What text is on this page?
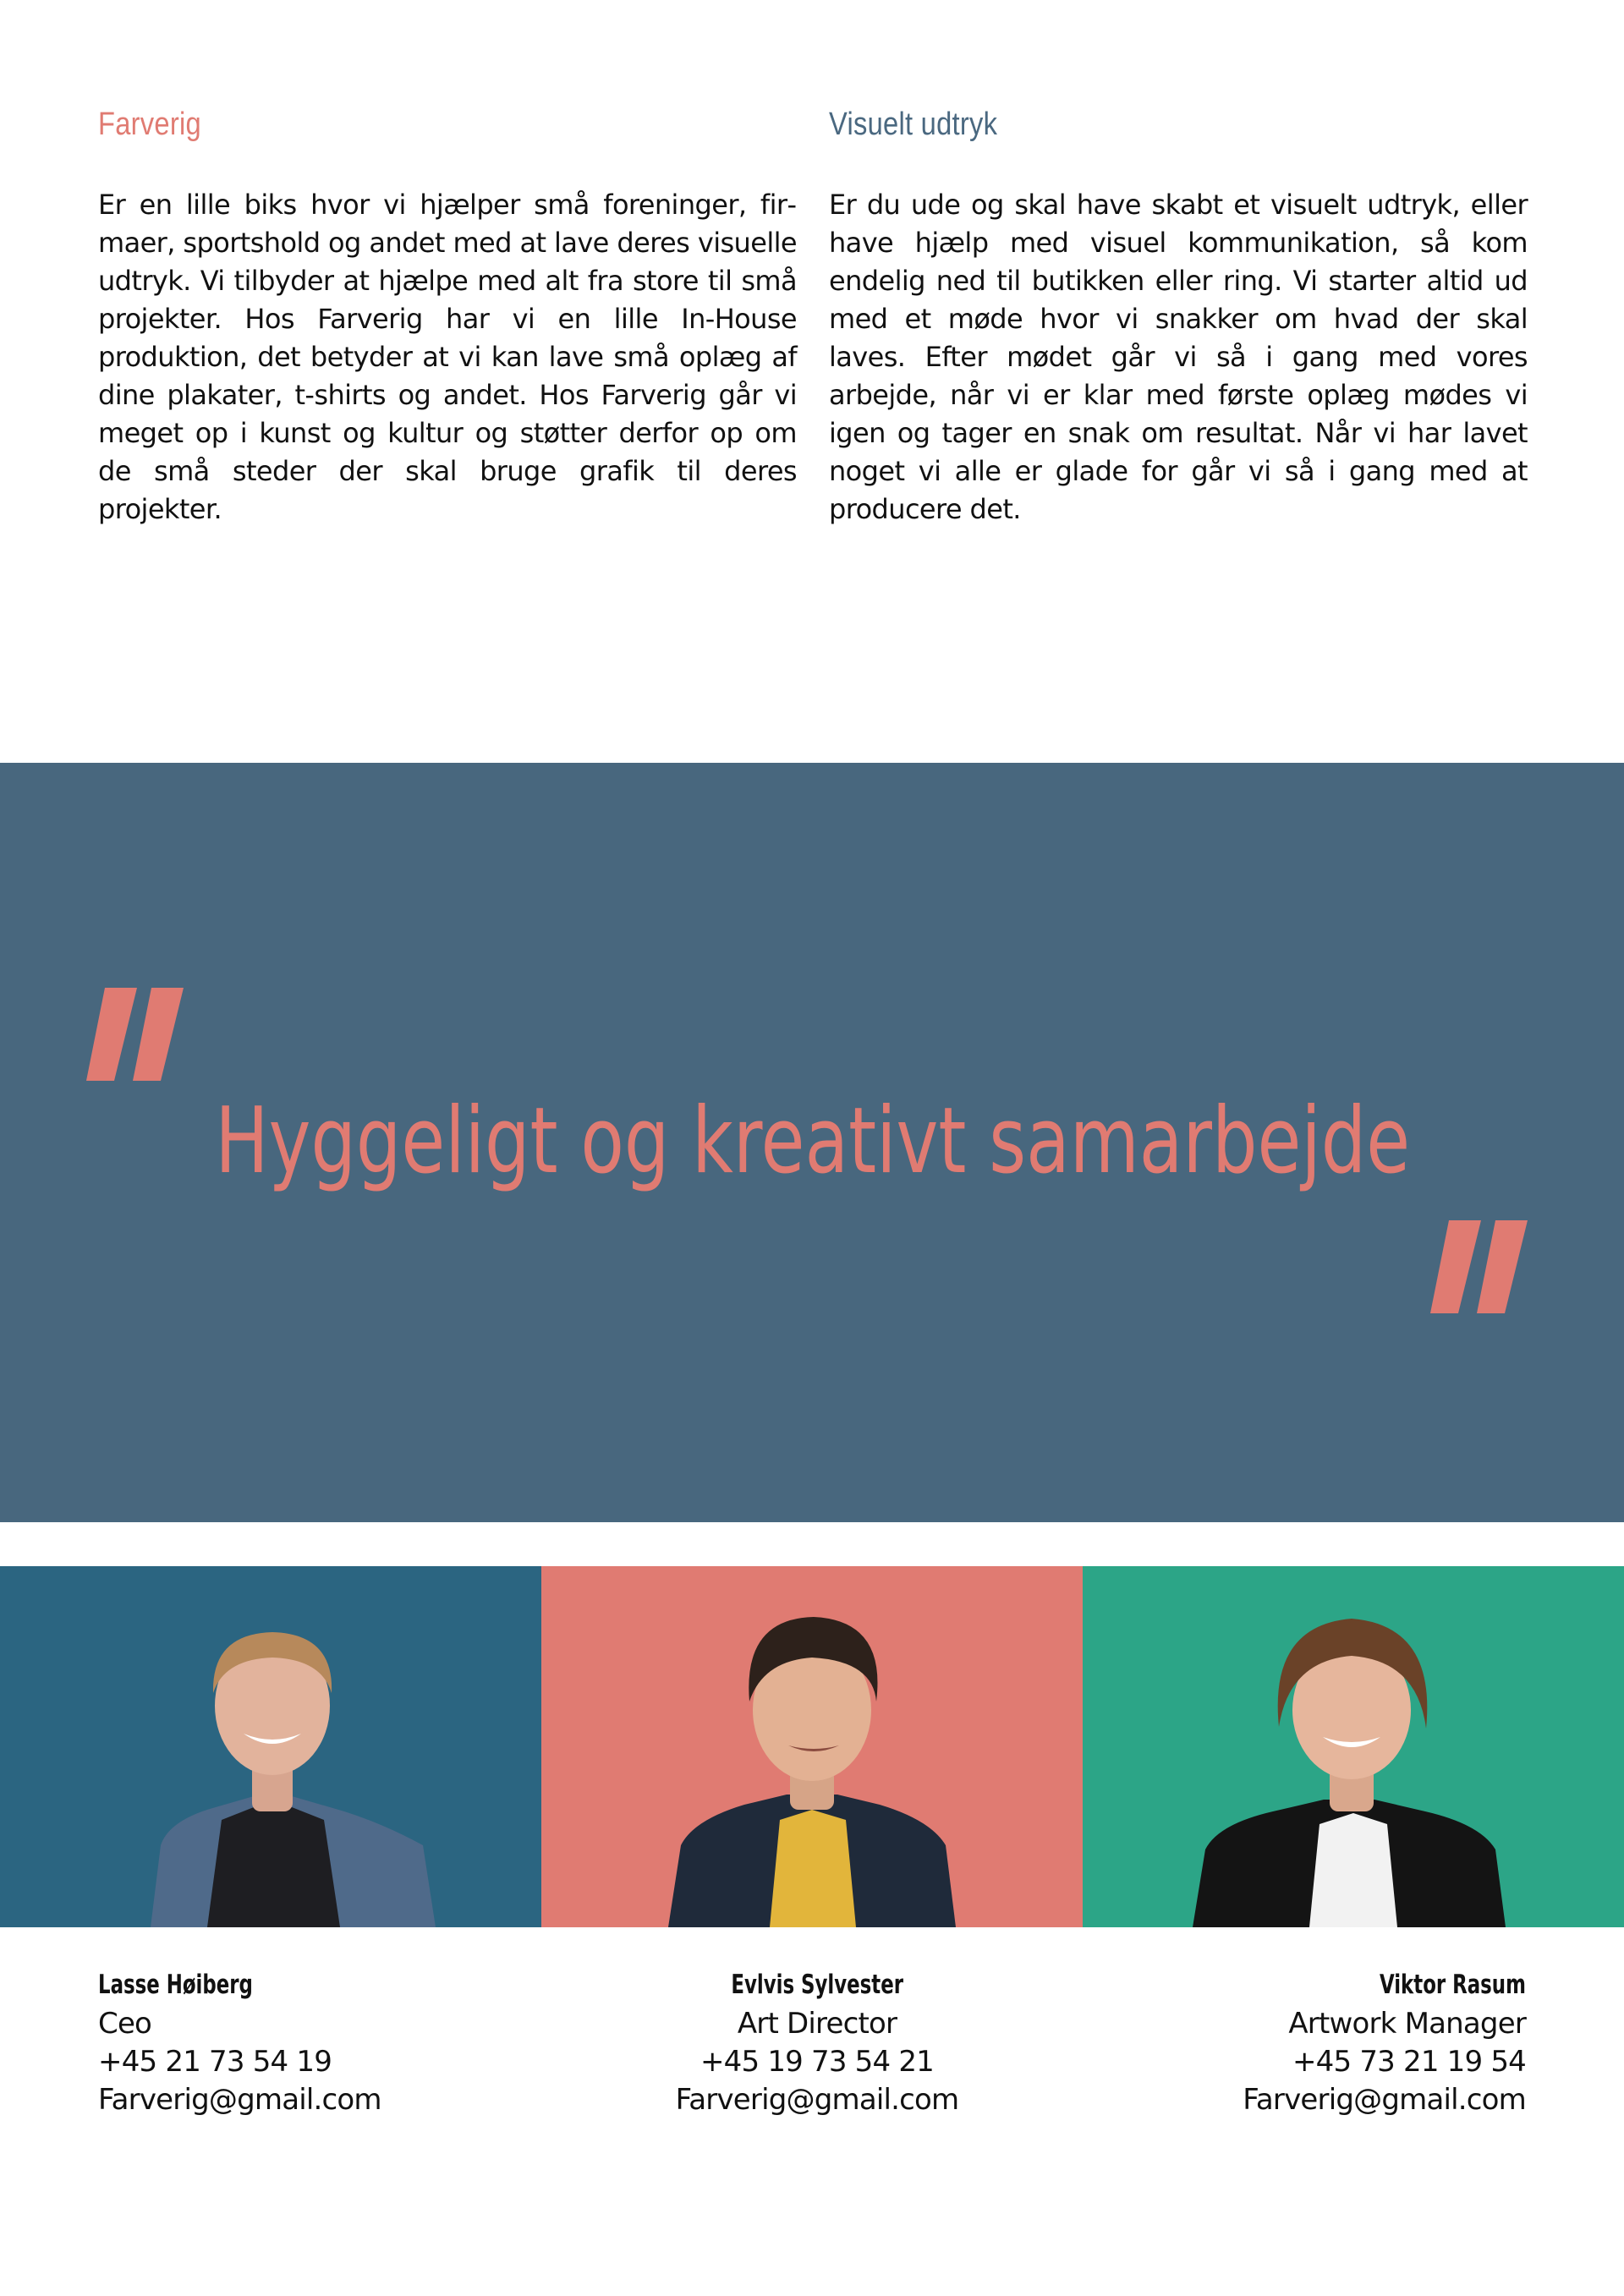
Farverig

Er en lille biks hvor vi hjælper små foreninger, firmaer, sportshold og andet med at lave deres visuelle udtryk. Vi tilbyder at hjælpe med alt fra store til små projekter. Hos Farverig har vi en lille In-House produktion, det betyder at vi kan lave små oplæg af dine plakater, t-shirts og andet. Hos Farverig går vi meget op i kunst og kultur og støtter derfor op om de små steder der skal bruge grafik til deres projekter.

Visuelt udtryk

Er du ude og skal have skabt et visuelt udtryk, eller have hjælp med visuel kommunikation, så kom endelig ned til butikken eller ring. Vi starter altid ud med et møde hvor vi snakker om hvad der skal laves. Efter mødet går vi så i gang med vores arbejde, når vi er klar med første oplæg mødes vi igen og tager en snak om resultat. Når vi har lavet noget vi alle er glade for går vi så i gang med at producere det.

Hyggeligt og kreativt samarbejde
Lasse Høiberg
Ceo
+45 21 73 54 19
Farverig@gmail.com
Evlvis Sylvester
Art Director
+45 19 73 54 21
Farverig@gmail.com
Viktor Rasum
Artwork Manager
+45 73 21 19 54
Farverig@gmail.com
